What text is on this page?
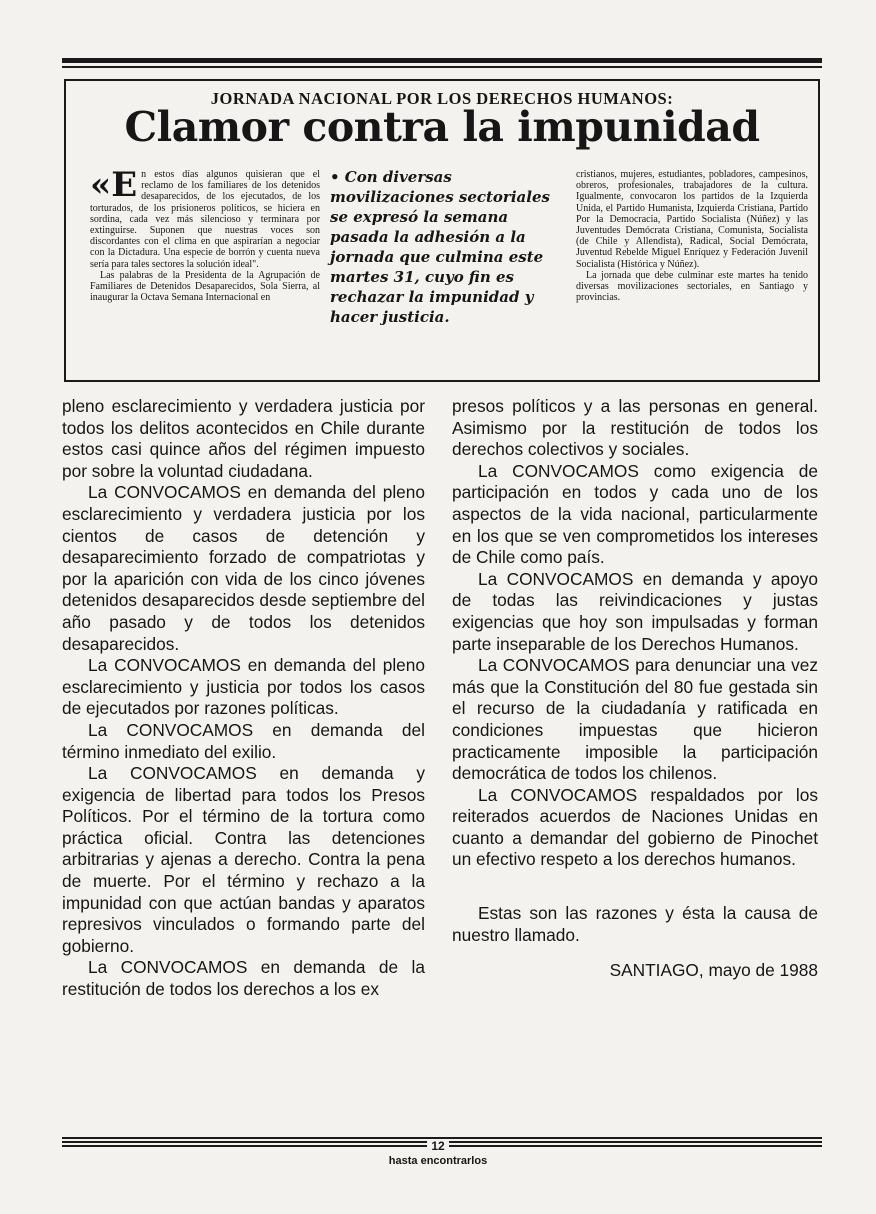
JORNADA NACIONAL POR LOS DERECHOS HUMANOS:
Clamor contra la impunidad

«E n estos días algunos quisieran que el reclamo de los familiares de los detenidos desaparecidos, de los ejecutados, de los torturados, de los prisioneros políticos, se hiciera en sordina, cada vez más silencioso y terminara por extinguirse. Suponen que nuestras voces son discordantes con el clima en que aspirarían a negociar con la Dictadura. Una especie de borrón y cuenta nueva sería para tales sectores la solución ideal".

Las palabras de la Presidenta de la Agrupación de Familiares de Detenidos Desaparecidos, Sola Sierra, al inaugurar la Octava Semana Internacional en

• Con diversas movilizaciones sectoriales se expresó la semana pasada la adhesión a la jornada que culmina este martes 31, cuyo fin es rechazar la impunidad y hacer justicia.

cristianos, mujeres, estudiantes, pobladores, campesinos, obreros, profesionales, trabajadores de la cultura. Igualmente, convocaron los partidos de la Izquierda Unida, el Partido Humanista, Izquierda Cristiana, Partido Por la Democracia, Partido Socialista (Núñez) y las Juventudes Demócrata Cristiana, Comunista, Socialista (de Chile y Allendista), Radical, Social Demócrata, Juventud Rebelde Miguel Enríquez y Federación Juvenil Socialista (Histórica y Núñez).

La jornada que debe culminar este martes ha tenido diversas movilizaciones sectoriales, en Santiago y provincias.

pleno esclarecimiento y verdadera justicia por todos los delitos acontecidos en Chile durante estos casi quince años del régimen impuesto por sobre la voluntad ciudadana.

La CONVOCAMOS en demanda del pleno esclarecimiento y verdadera justicia por los cientos de casos de detención y desaparecimiento forzado de compatriotas y por la aparición con vida de los cinco jóvenes detenidos desaparecidos desde septiembre del año pasado y de todos los detenidos desaparecidos.

La CONVOCAMOS en demanda del pleno esclarecimiento y justicia por todos los casos de ejecutados por razones políticas.

La CONVOCAMOS en demanda del término inmediato del exilio.

La CONVOCAMOS en demanda y exigencia de libertad para todos los Presos Políticos. Por el término de la tortura como práctica oficial. Contra las detenciones arbitrarias y ajenas a derecho. Contra la pena de muerte. Por el término y rechazo a la impunidad con que actúan bandas y aparatos represivos vinculados o formando parte del gobierno.

La CONVOCAMOS en demanda de la restitución de todos los derechos a los ex

presos políticos y a las personas en general. Asimismo por la restitución de todos los derechos colectivos y sociales.

La CONVOCAMOS como exigencia de participación en todos y cada uno de los aspectos de la vida nacional, particularmente en los que se ven comprometidos los intereses de Chile como país.

La CONVOCAMOS en demanda y apoyo de todas las reivindicaciones y justas exigencias que hoy son impulsadas y forman parte inseparable de los Derechos Humanos.

La CONVOCAMOS para denunciar una vez más que la Constitución del 80 fue gestada sin el recurso de la ciudadanía y ratificada en condiciones impuestas que hicieron practicamente imposible la participación democrática de todos los chilenos.

La CONVOCAMOS respaldados por los reiterados acuerdos de Naciones Unidas en cuanto a demandar del gobierno de Pinochet un efectivo respeto a los derechos humanos.

Estas son las razones y ésta la causa de nuestro llamado.

SANTIAGO, mayo de 1988

12
hasta encontrarlos
